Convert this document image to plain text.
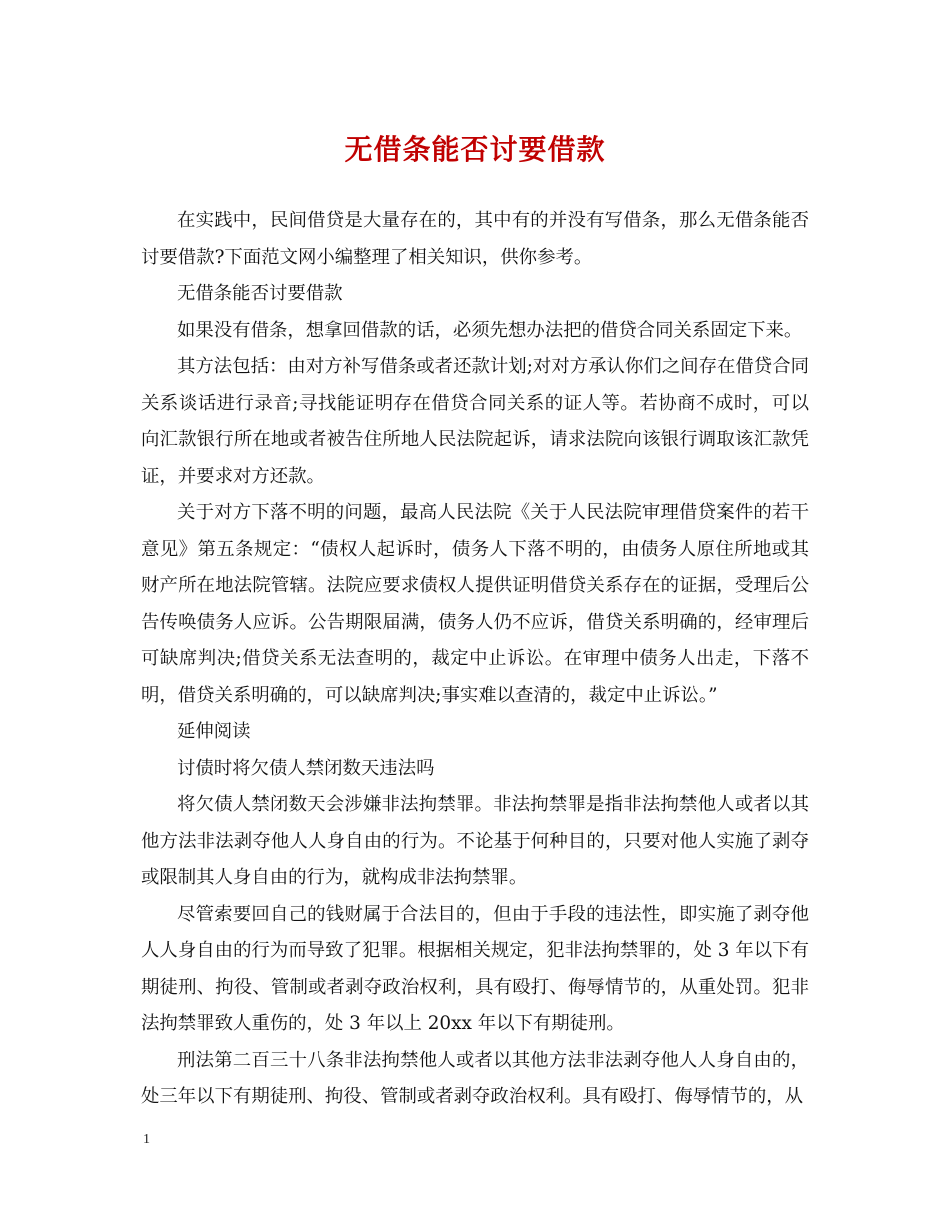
无借条能否讨要借款

在实践中，民间借贷是大量存在的，其中有的并没有写借条，那么无借条能否讨要借款?下面范文网小编整理了相关知识，供你参考。

无借条能否讨要借款

如果没有借条，想拿回借款的话，必须先想办法把的借贷合同关系固定下来。

其方法包括：由对方补写借条或者还款计划;对对方承认你们之间存在借贷合同关系谈话进行录音;寻找能证明存在借贷合同关系的证人等。若协商不成时，可以向汇款银行所在地或者被告住所地人民法院起诉，请求法院向该银行调取该汇款凭证，并要求对方还款。

关于对方下落不明的问题，最高人民法院《关于人民法院审理借贷案件的若干意见》第五条规定：“债权人起诉时，债务人下落不明的，由债务人原住所地或其财产所在地法院管辖。法院应要求债权人提供证明借贷关系存在的证据，受理后公告传唤债务人应诉。公告期限届满，债务人仍不应诉，借贷关系明确的，经审理后可缺席判决;借贷关系无法查明的，裁定中止诉讼。在审理中债务人出走，下落不明，借贷关系明确的，可以缺席判决;事实难以查清的，裁定中止诉讼。”

延伸阅读

讨债时将欠债人禁闭数天违法吗

将欠债人禁闭数天会涉嫌非法拘禁罪。非法拘禁罪是指非法拘禁他人或者以其他方法非法剥夺他人人身自由的行为。不论基于何种目的，只要对他人实施了剥夺或限制其人身自由的行为，就构成非法拘禁罪。

尽管索要回自己的钱财属于合法目的，但由于手段的违法性，即实施了剥夺他人人身自由的行为而导致了犯罪。根据相关规定，犯非法拘禁罪的，处 3 年以下有期徒刑、拘役、管制或者剥夺政治权利，具有殴打、侮辱情节的，从重处罚。犯非法拘禁罪致人重伤的，处 3 年以上 20xx 年以下有期徒刑。

刑法第二百三十八条非法拘禁他人或者以其他方法非法剥夺他人人身自由的，处三年以下有期徒刑、拘役、管制或者剥夺政治权利。具有殴打、侮辱情节的，从

1
